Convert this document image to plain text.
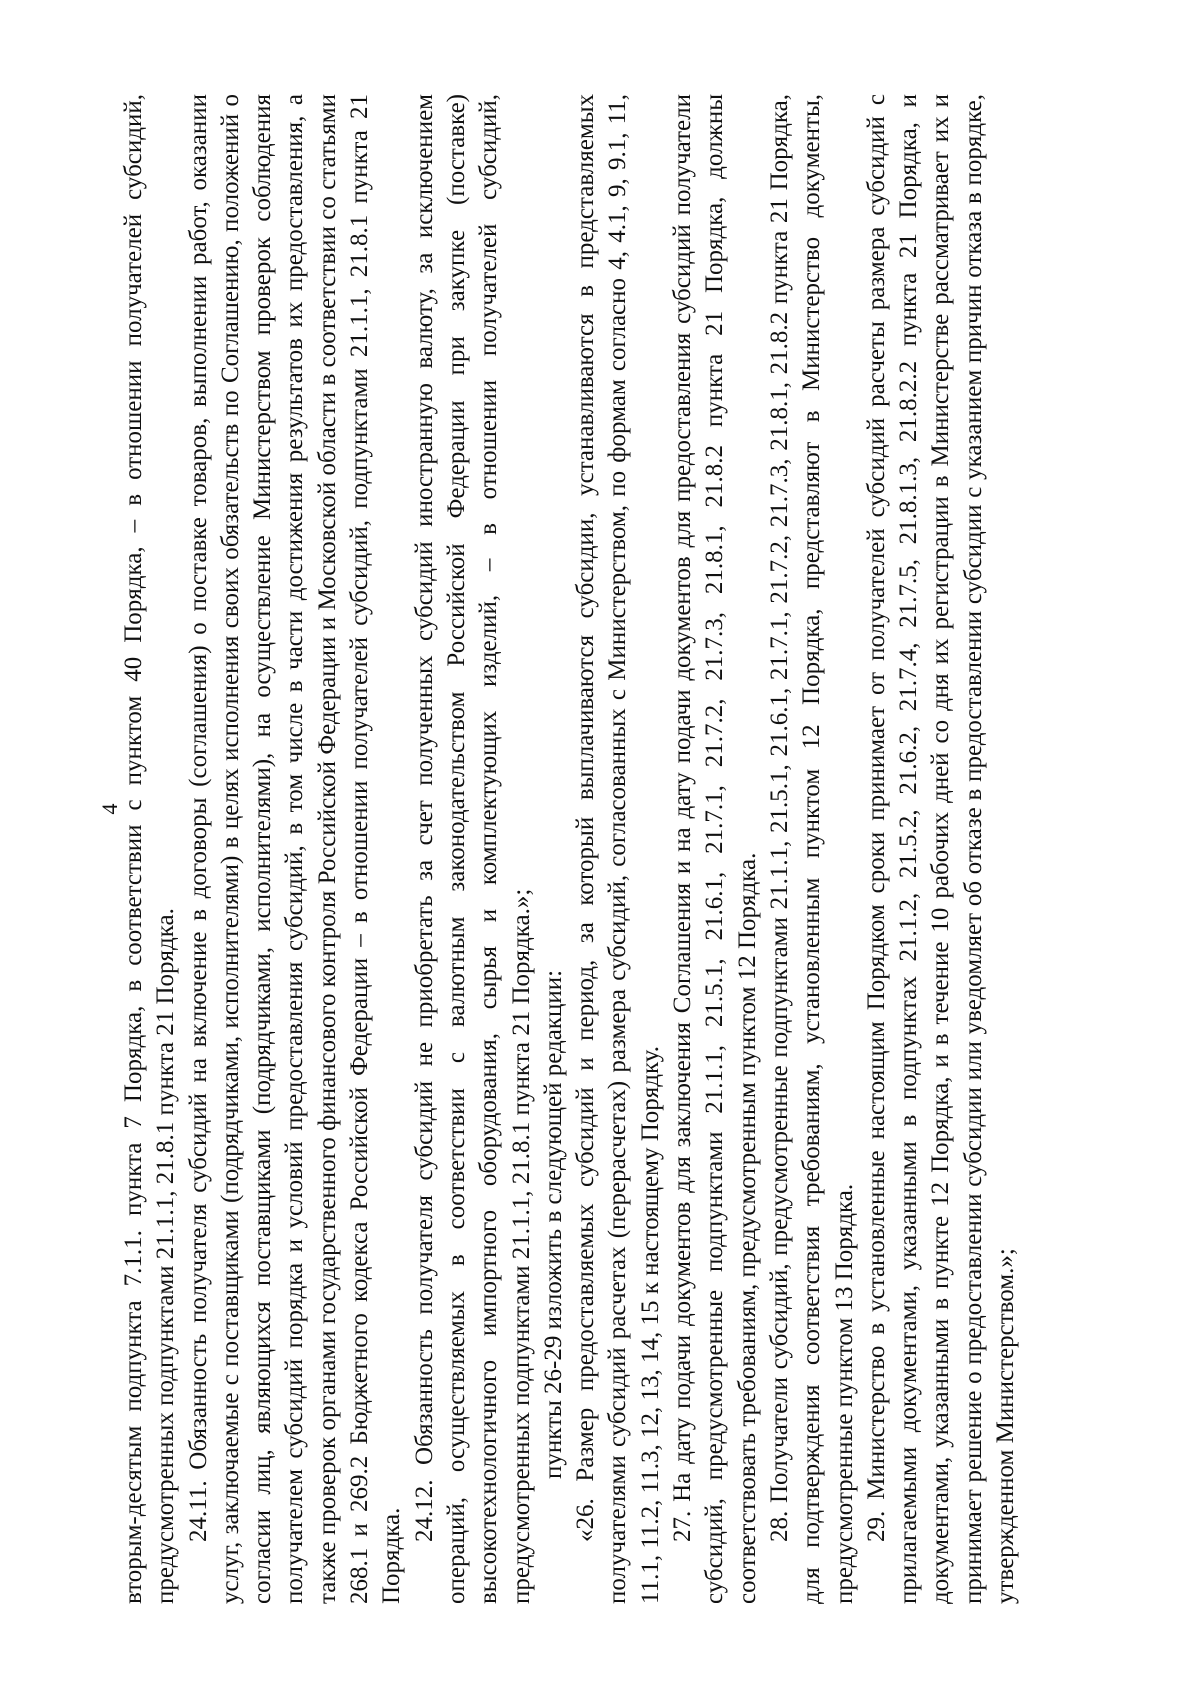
4

вторым-десятым подпункта 7.1.1. пункта 7 Порядка, в соответствии с пунктом 40 Порядка, – в отношении получателей субсидий, предусмотренных подпунктами 21.1.1, 21.8.1 пункта 21 Порядка. 24.11. Обязанность получателя субсидий на включение в договоры (соглашения) о поставке товаров, выполнении работ, оказании услуг, заключаемые с поставщиками (подрядчиками, исполнителями) в целях исполнения своих обязательств по Соглашению, положений о согласии лиц, являющихся поставщиками (подрядчиками, исполнителями), на осуществление Министерством проверок соблюдения получателем субсидий порядка и условий предоставления субсидий, в том числе в части достижения результатов их предоставления, а также проверок органами государственного финансового контроля Российской Федерации и Московской области в соответствии со статьями 268.1 и 269.2 Бюджетного кодекса Российской Федерации – в отношении получателей субсидий, подпунктами 21.1.1, 21.8.1 пункта 21 Порядка.

24.12. Обязанность получателя субсидий не приобретать за счет полученных субсидий иностранную валюту, за исключением операций, осуществляемых в соответствии с валютным законодательством Российской Федерации при закупке (поставке) высокотехнологичного импортного оборудования, сырья и комплектующих изделий, – в отношении получателей субсидий, предусмотренных подпунктами 21.1.1, 21.8.1 пункта 21 Порядка.»; пункты 26-29 изложить в следующей редакции: «26. Размер предоставляемых субсидий и период, за который выплачиваются субсидии, устанавливаются в представляемых получателями субсидий расчетах (перерасчетах) размера субсидий, согласованных с Министерством, по формам согласно 4, 4.1, 9, 9.1, 11, 11.1, 11.2, 11.3, 12, 13, 14, 15 к настоящему Порядку. 27. На дату подачи документов для заключения Соглашения и на дату подачи документов для предоставления субсидий получатели субсидий, предусмотренные подпунктами 21.1.1, 21.5.1, 21.6.1, 21.7.1, 21.7.2, 21.7.3, 21.8.1, 21.8.2 пункта 21 Порядка, должны соответствовать требованиям, предусмотренным пунктом 12 Порядка. 28. Получатели субсидий, предусмотренные подпунктами 21.1.1, 21.5.1, 21.6.1, 21.7.1, 21.7.2, 21.7.3, 21.8.1, 21.8.2 пункта 21 Порядка, для подтверждения соответствия требованиям, установленным пунктом 12 Порядка, представляют в Министерство документы, предусмотренные пунктом 13 Порядка. 29. Министерство в установленные настоящим Порядком сроки принимает от получателей субсидий расчеты размера субсидий с прилагаемыми документами, указанными в подпунктах 21.1.2, 21.5.2, 21.6.2, 21.7.4, 21.7.5, 21.8.1.3, 21.8.2.2 пункта 21 Порядка, и документами, указанными в пункте 12 Порядка, и в течение 10 рабочих дней со дня их регистрации в Министерстве рассматривает их и принимает решение о предоставлении субсидии или уведомляет об отказе в предоставлении субсидии с указанием причин отказа в порядке, утвержденном Министерством.»;
